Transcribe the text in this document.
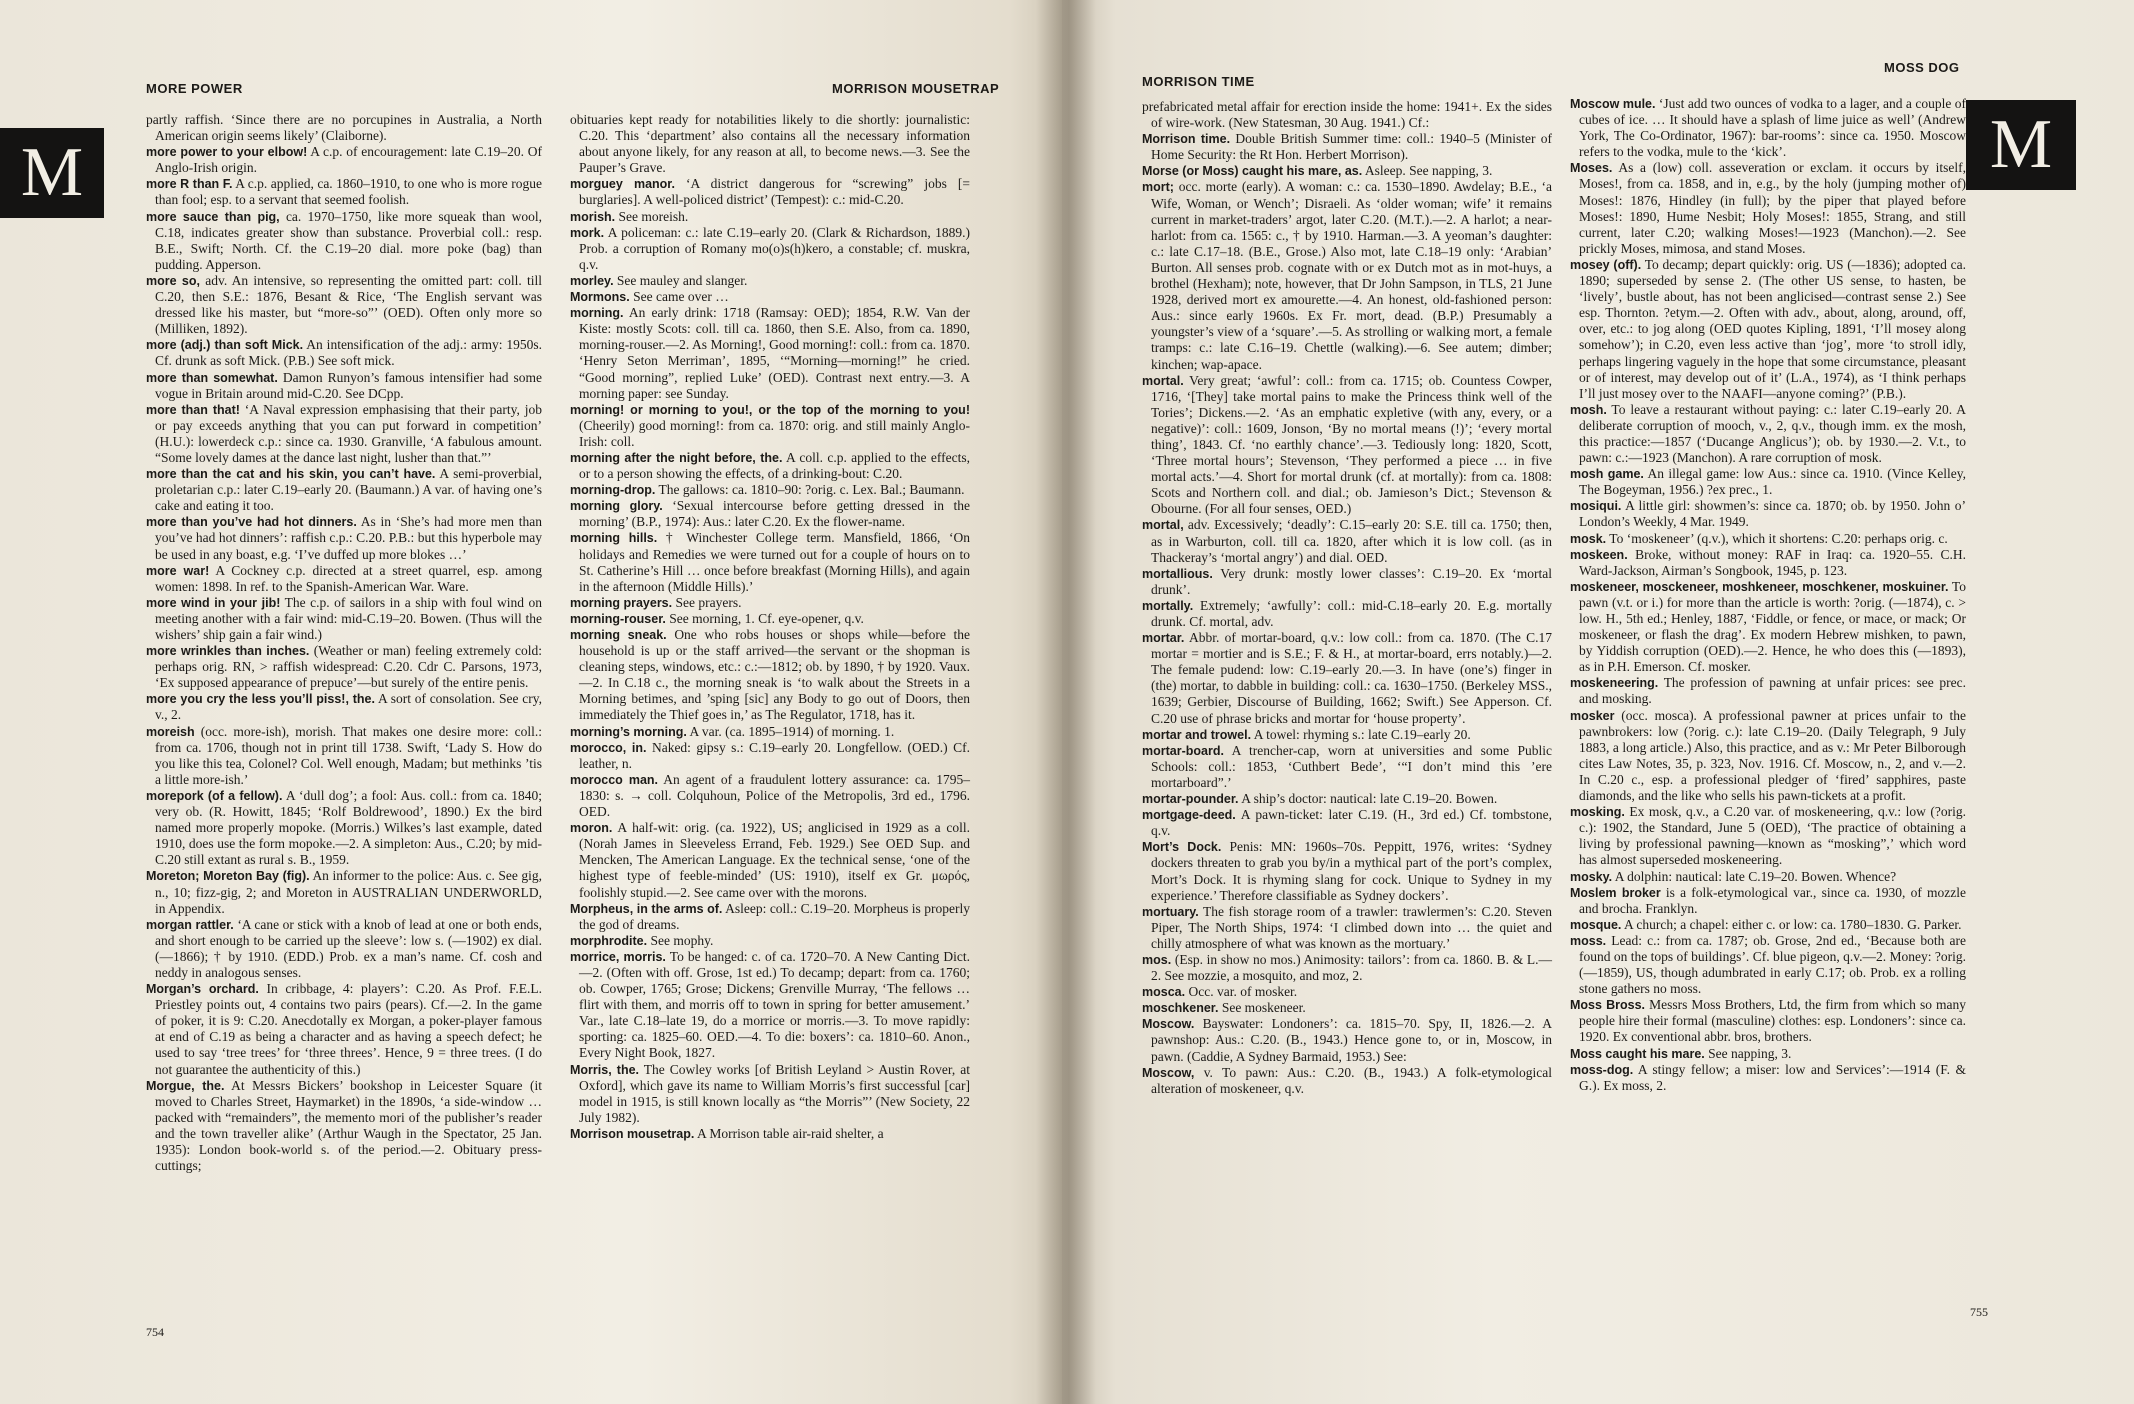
M
MORE POWER	MORRISON MOUSETRAP

partly raffish. ‘Since there are no porcupines in Australia, a North American origin seems likely’ (Claiborne).

more power to your elbow! A c.p. of encouragement: late C.19–20. Of Anglo-Irish origin.

more R than F. A c.p. applied, ca. 1860–1910, to one who is more rogue than fool; esp. to a servant that seemed foolish.

more sauce than pig, ca. 1970–1750, like more squeak than wool, C.18, indicates greater show than substance. Proverbial coll.: resp. B.E., Swift; North. Cf. the C.19–20 dial. more poke (bag) than pudding. Apperson.

more so, adv. An intensive, so representing the omitted part: coll. till C.20, then S.E.: 1876, Besant & Rice, ‘The English servant was dressed like his master, but “more-so”’ (OED). Often only more so (Milliken, 1892).

more (adj.) than soft Mick. An intensification of the adj.: army: 1950s. Cf. drunk as soft Mick. (P.B.) See soft mick.

more than somewhat. Damon Runyon’s famous intensifier had some vogue in Britain around mid-C.20. See DCpp.

more than that! ‘A Naval expression emphasising that their party, job or pay exceeds anything that you can put forward in competition’ (H.U.): lowerdeck c.p.: since ca. 1930. Granville, ‘A fabulous amount. “Some lovely dames at the dance last night, lusher than that.”’

more than the cat and his skin, you can’t have. A semi-proverbial, proletarian c.p.: later C.19–early 20. (Baumann.) A var. of having one’s cake and eating it too.

more than you’ve had hot dinners. As in ‘She’s had more men than you’ve had hot dinners’: raffish c.p.: C.20. P.B.: but this hyperbole may be used in any boast, e.g. ‘I’ve duffed up more blokes …’

more war! A Cockney c.p. directed at a street quarrel, esp. among women: 1898. In ref. to the Spanish-American War. Ware.

more wind in your jib! The c.p. of sailors in a ship with foul wind on meeting another with a fair wind: mid-C.19–20. Bowen. (Thus will the wishers’ ship gain a fair wind.)

more wrinkles than inches. (Weather or man) feeling extremely cold: perhaps orig. RN, > raffish widespread: C.20. Cdr C. Parsons, 1973, ‘Ex supposed appearance of prepuce’—but surely of the entire penis.

more you cry the less you’ll piss!, the. A sort of consolation. See cry, v., 2.

moreish (occ. more-ish), morish. That makes one desire more: coll.: from ca. 1706, though not in print till 1738. Swift, ‘Lady S. How do you like this tea, Colonel? Col. Well enough, Madam; but methinks ’tis a little more-ish.’

morepork (of a fellow). A ‘dull dog’; a fool: Aus. coll.: from ca. 1840; very ob. (R. Howitt, 1845; ‘Rolf Boldrewood’, 1890.) Ex the bird named more properly mopoke. (Morris.) Wilkes’s last example, dated 1910, does use the form mopoke.—2. A simpleton: Aus., C.20; by mid-C.20 still extant as rural s. B., 1959.

Moreton; Moreton Bay (fig). An informer to the police: Aus. c. See gig, n., 10; fizz-gig, 2; and Moreton in AUSTRALIAN UNDERWORLD, in Appendix.

morgan rattler. ‘A cane or stick with a knob of lead at one or both ends, and short enough to be carried up the sleeve’: low s. (—1902) ex dial. (—1866); † by 1910. (EDD.) Prob. ex a man’s name. Cf. cosh and neddy in analogous senses.

Morgan’s orchard. In cribbage, 4: players’: C.20. As Prof. F.E.L. Priestley points out, 4 contains two pairs (pears). Cf.—2. In the game of poker, it is 9: C.20. Anecdotally ex Morgan, a poker-player famous at end of C.19 as being a character and as having a speech defect; he used to say ‘tree trees’ for ‘three threes’. Hence, 9 = three trees. (I do not guarantee the authenticity of this.)

Morgue, the. At Messrs Bickers’ bookshop in Leicester Square (it moved to Charles Street, Haymarket) in the 1890s, ‘a side-window … packed with “remainders”, the memento mori of the publisher’s reader and the town traveller alike’ (Arthur Waugh in the Spectator, 25 Jan. 1935): London book-world s. of the period.—2. Obituary press-cuttings;

obituaries kept ready for notabilities likely to die shortly: journalistic: C.20. This ‘department’ also contains all the necessary information about anyone likely, for any reason at all, to become news.—3. See the Pauper’s Grave.

morguey manor. ‘A district dangerous for “screwing” jobs [= burglaries]. A well-policed district’ (Tempest): c.: mid-C.20.

morish. See moreish.

mork. A policeman: c.: late C.19–early 20. (Clark & Richardson, 1889.) Prob. a corruption of Romany mo(o)s(h)kero, a constable; cf. muskra, q.v.

morley. See mauley and slanger.

Mormons. See came over …

morning. An early drink: 1718 (Ramsay: OED); 1854, R.W. Van der Kiste: mostly Scots: coll. till ca. 1860, then S.E. Also, from ca. 1890, morning-rouser.—2. As Morning!, Good morning!: coll.: from ca. 1870. ‘Henry Seton Merriman’, 1895, ‘“Morning—morning!” he cried. “Good morning”, replied Luke’ (OED). Contrast next entry.—3. A morning paper: see Sunday.

morning! or morning to you!, or the top of the morning to you! (Cheerily) good morning!: from ca. 1870: orig. and still mainly Anglo-Irish: coll.

morning after the night before, the. A coll. c.p. applied to the effects, or to a person showing the effects, of a drinking-bout: C.20.

morning-drop. The gallows: ca. 1810–90: ?orig. c. Lex. Bal.; Baumann.

morning glory. ‘Sexual intercourse before getting dressed in the morning’ (B.P., 1974): Aus.: later C.20. Ex the flower-name.

morning hills. † Winchester College term. Mansfield, 1866, ‘On holidays and Remedies we were turned out for a couple of hours on to St. Catherine’s Hill … once before breakfast (Morning Hills), and again in the afternoon (Middle Hills).’

morning prayers. See prayers.

morning-rouser. See morning, 1. Cf. eye-opener, q.v.

morning sneak. One who robs houses or shops while—before the household is up or the staff arrived—the servant or the shopman is cleaning steps, windows, etc.: c.:—1812; ob. by 1890, † by 1920. Vaux.—2. In C.18 c., the morning sneak is ‘to walk about the Streets in a Morning betimes, and ’sping [sic] any Body to go out of Doors, then immediately the Thief goes in,’ as The Regulator, 1718, has it.

morning’s morning. A var. (ca. 1895–1914) of morning. 1.

morocco, in. Naked: gipsy s.: C.19–early 20. Longfellow. (OED.) Cf. leather, n.

morocco man. An agent of a fraudulent lottery assurance: ca. 1795–1830: s. → coll. Colquhoun, Police of the Metropolis, 3rd ed., 1796. OED.

moron. A half-wit: orig. (ca. 1922), US; anglicised in 1929 as a coll. (Norah James in Sleeveless Errand, Feb. 1929.) See OED Sup. and Mencken, The American Language. Ex the technical sense, ‘one of the highest type of feeble-minded’ (US: 1910), itself ex Gr. μωρός, foolishly stupid.—2. See came over with the morons.

Morpheus, in the arms of. Asleep: coll.: C.19–20. Morpheus is properly the god of dreams.

morphrodite. See mophy.

morrice, morris. To be hanged: c. of ca. 1720–70. A New Canting Dict.—2. (Often with off. Grose, 1st ed.) To decamp; depart: from ca. 1760; ob. Cowper, 1765; Grose; Dickens; Grenville Murray, ‘The fellows … flirt with them, and morris off to town in spring for better amusement.’ Var., late C.18–late 19, do a morrice or morris.—3. To move rapidly: sporting: ca. 1825–60. OED.—4. To die: boxers’: ca. 1810–60. Anon., Every Night Book, 1827.

Morris, the. The Cowley works [of British Leyland > Austin Rover, at Oxford], which gave its name to William Morris’s first successful [car] model in 1915, is still known locally as “the Morris”’ (New Society, 22 July 1982).

Morrison mousetrap. A Morrison table air-raid shelter, a

754
MORRISON TIME
MOSS DOG

prefabricated metal affair for erection inside the home: 1941+. Ex the sides of wire-work. (New Statesman, 30 Aug. 1941.) Cf.:

Morrison time. Double British Summer time: coll.: 1940–5 (Minister of Home Security: the Rt Hon. Herbert Morrison).

Morse (or Moss) caught his mare, as. Asleep. See napping, 3.

mort; occ. morte (early). A woman: c.: ca. 1530–1890. Awdelay; B.E., ‘a Wife, Woman, or Wench’; Disraeli. As ‘older woman; wife’ it remains current in market-traders’ argot, later C.20. (M.T.).—2. A harlot; a near-harlot: from ca. 1565: c., † by 1910. Harman.—3. A yeoman’s daughter: c.: late C.17–18. (B.E., Grose.) Also mot, late C.18–19 only: ‘Arabian’ Burton. All senses prob. cognate with or ex Dutch mot as in mot-huys, a brothel (Hexham); note, however, that Dr John Sampson, in TLS, 21 June 1928, derived mort ex amourette.—4. An honest, old-fashioned person: Aus.: since early 1960s. Ex Fr. mort, dead. (B.P.) Presumably a youngster’s view of a ‘square’.—5. As strolling or walking mort, a female tramps: c.: late C.16–19. Chettle (walking).—6. See autem; dimber; kinchen; wap-apace.

mortal. Very great; ‘awful’: coll.: from ca. 1715; ob. Countess Cowper, 1716, ‘[They] take mortal pains to make the Princess think well of the Tories’; Dickens.—2. ‘As an emphatic expletive (with any, every, or a negative)’: coll.: 1609, Jonson, ‘By no mortal means (!)’; ‘every mortal thing’, 1843. Cf. ‘no earthly chance’.—3. Tediously long: 1820, Scott, ‘Three mortal hours’; Stevenson, ‘They performed a piece … in five mortal acts.’—4. Short for mortal drunk (cf. at mortally): from ca. 1808: Scots and Northern coll. and dial.; ob. Jamieson’s Dict.; Stevenson & Obourne. (For all four senses, OED.)

mortal, adv. Excessively; ‘deadly’: C.15–early 20: S.E. till ca. 1750; then, as in Warburton, coll. till ca. 1820, after which it is low coll. (as in Thackeray’s ‘mortal angry’) and dial. OED.

mortallious. Very drunk: mostly lower classes’: C.19–20. Ex ‘mortal drunk’.

mortally. Extremely; ‘awfully’: coll.: mid-C.18–early 20. E.g. mortally drunk. Cf. mortal, adv.

mortar. Abbr. of mortar-board, q.v.: low coll.: from ca. 1870. (The C.17 mortar = mortier and is S.E.; F. & H., at mortar-board, errs notably.)—2. The female pudend: low: C.19–early 20.—3. In have (one’s) finger in (the) mortar, to dabble in building: coll.: ca. 1630–1750. (Berkeley MSS., 1639; Gerbier, Discourse of Building, 1662; Swift.) See Apperson. Cf. C.20 use of phrase bricks and mortar for ‘house property’.

mortar and trowel. A towel: rhyming s.: late C.19–early 20.

mortar-board. A trencher-cap, worn at universities and some Public Schools: coll.: 1853, ‘Cuthbert Bede’, ‘“I don’t mind this ’ere mortarboard”.’

mortar-pounder. A ship’s doctor: nautical: late C.19–20. Bowen.

mortgage-deed. A pawn-ticket: later C.19. (H., 3rd ed.) Cf. tombstone, q.v.

Mort’s Dock. Penis: MN: 1960s–70s. Peppitt, 1976, writes: ‘Sydney dockers threaten to grab you by/in a mythical part of the port’s complex, Mort’s Dock. It is rhyming slang for cock. Unique to Sydney in my experience.’ Therefore classifiable as Sydney dockers’.

mortuary. The fish storage room of a trawler: trawlermen’s: C.20. Steven Piper, The North Ships, 1974: ‘I climbed down into … the quiet and chilly atmosphere of what was known as the mortuary.’

mos. (Esp. in show no mos.) Animosity: tailors’: from ca. 1860. B. & L.—2. See mozzie, a mosquito, and moz, 2.

mosca. Occ. var. of mosker.

moschkener. See moskeneer.

Moscow. Bayswater: Londoners’: ca. 1815–70. Spy, II, 1826.—2. A pawnshop: Aus.: C.20. (B., 1943.) Hence gone to, or in, Moscow, in pawn. (Caddie, A Sydney Barmaid, 1953.) See:

Moscow, v. To pawn: Aus.: C.20. (B., 1943.) A folk-etymological alteration of moskeneer, q.v.

Moscow mule. ‘Just add two ounces of vodka to a lager, and a couple of cubes of ice. … It should have a splash of lime juice as well’ (Andrew York, The Co-Ordinator, 1967): bar-rooms’: since ca. 1950. Moscow refers to the vodka, mule to the ‘kick’.

Moses. As a (low) coll. asseveration or exclam. it occurs by itself, Moses!, from ca. 1858, and in, e.g., by the holy (jumping mother of) Moses!: 1876, Hindley (in full); by the piper that played before Moses!: 1890, Hume Nesbit; Holy Moses!: 1855, Strang, and still current, later C.20; walking Moses!—1923 (Manchon).—2. See prickly Moses, mimosa, and stand Moses.

mosey (off). To decamp; depart quickly: orig. US (—1836); adopted ca. 1890; superseded by sense 2. (The other US sense, to hasten, be ‘lively’, bustle about, has not been anglicised—contrast sense 2.) See esp. Thornton. ?etym.—2. Often with adv., about, along, around, off, over, etc.: to jog along (OED quotes Kipling, 1891, ‘I’ll mosey along somehow’); in C.20, even less active than ‘jog’, more ‘to stroll idly, perhaps lingering vaguely in the hope that some circumstance, pleasant or of interest, may develop out of it’ (L.A., 1974), as ‘I think perhaps I’ll just mosey over to the NAAFI—anyone coming?’ (P.B.).

mosh. To leave a restaurant without paying: c.: later C.19–early 20. A deliberate corruption of mooch, v., 2, q.v., though imm. ex the mosh, this practice:—1857 (‘Ducange Anglicus’); ob. by 1930.—2. V.t., to pawn: c.:—1923 (Manchon). A rare corruption of mosk.

mosh game. An illegal game: low Aus.: since ca. 1910. (Vince Kelley, The Bogeyman, 1956.) ?ex prec., 1.

mosiqui. A little girl: showmen’s: since ca. 1870; ob. by 1950. John o’ London’s Weekly, 4 Mar. 1949.

mosk. To ‘moskeneer’ (q.v.), which it shortens: C.20: perhaps orig. c.

moskeen. Broke, without money: RAF in Iraq: ca. 1920–55. C.H. Ward-Jackson, Airman’s Songbook, 1945, p. 123.

moskeneer, mosckeneer, moshkeneer, moschkener, moskuiner. To pawn (v.t. or i.) for more than the article is worth: ?orig. (—1874), c. > low. H., 5th ed.; Henley, 1887, ‘Fiddle, or fence, or mace, or mack; Or moskeneer, or flash the drag’. Ex modern Hebrew mishken, to pawn, by Yiddish corruption (OED).—2. Hence, he who does this (—1893), as in P.H. Emerson. Cf. mosker.

moskeneering. The profession of pawning at unfair prices: see prec. and mosking.

mosker (occ. mosca). A professional pawner at prices unfair to the pawnbrokers: low (?orig. c.): late C.19–20. (Daily Telegraph, 9 July 1883, a long article.) Also, this practice, and as v.: Mr Peter Bilborough cites Law Notes, 35, p. 323, Nov. 1916. Cf. Moscow, n., 2, and v.—2. In C.20 c., esp. a professional pledger of ‘fired’ sapphires, paste diamonds, and the like who sells his pawn-tickets at a profit.

mosking. Ex mosk, q.v., a C.20 var. of moskeneering, q.v.: low (?orig. c.): 1902, the Standard, June 5 (OED), ‘The practice of obtaining a living by professional pawning—known as “mosking”,’ which word has almost superseded moskeneering.

mosky. A dolphin: nautical: late C.19–20. Bowen. Whence?

Moslem broker is a folk-etymological var., since ca. 1930, of mozzle and brocha. Franklyn.

mosque. A church; a chapel: either c. or low: ca. 1780–1830. G. Parker.

moss. Lead: c.: from ca. 1787; ob. Grose, 2nd ed., ‘Because both are found on the tops of buildings’. Cf. blue pigeon, q.v.—2. Money: ?orig. (—1859), US, though adumbrated in early C.17; ob. Prob. ex a rolling stone gathers no moss.

Moss Bross. Messrs Moss Brothers, Ltd, the firm from which so many people hire their formal (masculine) clothes: esp. Londoners’: since ca. 1920. Ex conventional abbr. bros, brothers.

Moss caught his mare. See napping, 3.

moss-dog. A stingy fellow; a miser: low and Services’:—1914 (F. & G.). Ex moss, 2.

M
755
